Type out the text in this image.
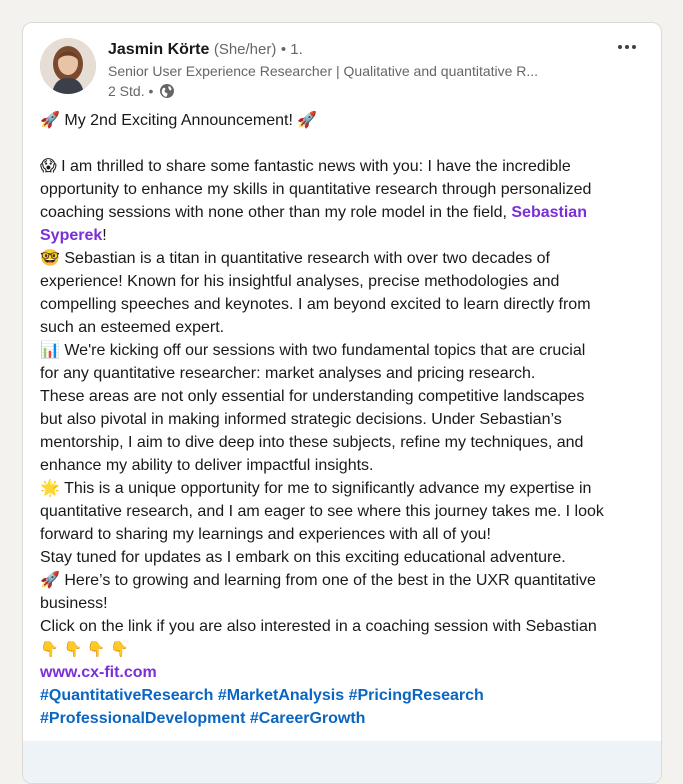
Jasmin Körte (She/her) • 1.
Senior User Experience Researcher | Qualitative and quantitative R...
2 Std. •
🚀 My 2nd Exciting Announcement! 🚀
😱 I am thrilled to share some fantastic news with you: I have the incredible
opportunity to enhance my skills in quantitative research through personalized
coaching sessions with none other than my role model in the field, Sebastian
Syperek!
🤓 Sebastian is a titan in quantitative research with over two decades of
experience! Known for his insightful analyses, precise methodologies and
compelling speeches and keynotes. I am beyond excited to learn directly from
such an esteemed expert.
📊 We're kicking off our sessions with two fundamental topics that are crucial
for any quantitative researcher: market analyses and pricing research.
These areas are not only essential for understanding competitive landscapes
but also pivotal in making informed strategic decisions. Under Sebastian’s
mentorship, I aim to dive deep into these subjects, refine my techniques, and
enhance my ability to deliver impactful insights.
🌟 This is a unique opportunity for me to significantly advance my expertise in
quantitative research, and I am eager to see where this journey takes me. I look
forward to sharing my learnings and experiences with all of you!
Stay tuned for updates as I embark on this exciting educational adventure.
🚀 Here’s to growing and learning from one of the best in the UXR quantitative
business!
Click on the link if you are also interested in a coaching session with Sebastian
👇 👇 👇 👇
www.cx-fit.com
#QuantitativeResearch #MarketAnalysis #PricingResearch
#ProfessionalDevelopment #CareerGrowth
